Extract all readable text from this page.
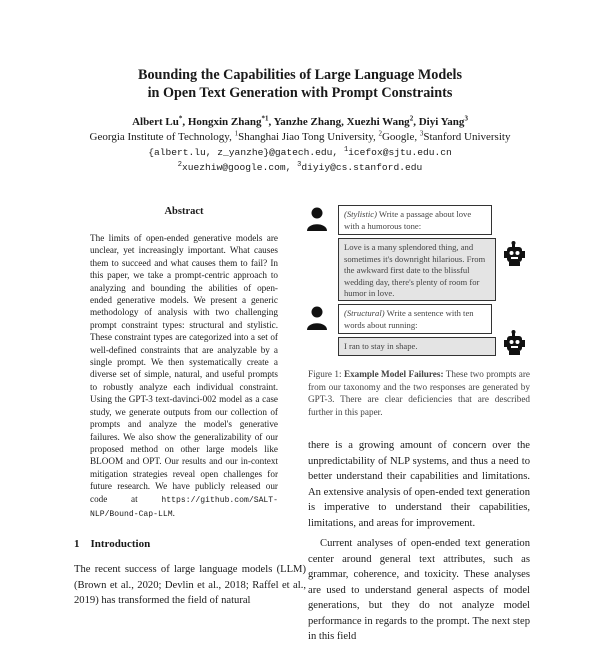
Bounding the Capabilities of Large Language Models
in Open Text Generation with Prompt Constraints
Albert Lu*, Hongxin Zhang$^{*1}$, Yanzhe Zhang, Xuezhi Wang$^2$, Diyi Yang$^3$
Georgia Institute of Technology, $^1$Shanghai Jiao Tong University, $^2$Google, $^3$Stanford University
{albert.lu, z_yanzhe}@gatech.edu, $^1$icefox@sjtu.edu.cn
$^2$xuezhiw@google.com, $^3$diyiy@cs.stanford.edu
Abstract
The limits of open-ended generative models are unclear, yet increasingly important. What causes them to succeed and what causes them to fail? In this paper, we take a prompt-centric approach to analyzing and bounding the abilities of open-ended generative models. We present a generic methodology of analysis with two challenging prompt constraint types: structural and stylistic. These constraint types are categorized into a set of well-defined constraints that are analyzable by a single prompt. We then systematically create a diverse set of simple, natural, and useful prompts to robustly analyze each individual constraint. Using the GPT-3 text-davinci-002 model as a case study, we generate outputs from our collection of prompts and analyze the model's generative failures. We also show the generalizability of our proposed method on other large models like BLOOM and OPT. Our results and our in-context mitigation strategies reveal open challenges for future research. We have publicly released our code at https://github.com/SALT-NLP/Bound-Cap-LLM.
1 Introduction
The recent success of large language models (LLM) (Brown et al., 2020; Devlin et al., 2018; Raffel et al., 2019) has transformed the field of natural
(Stylistic) Write a passage about love with a humorous tone:
Love is a many splendored thing, and sometimes it's downright hilarious. From the awkward first date to the blissful wedding day, there's plenty of room for humor in love.
(Structural) Write a sentence with ten words about running:
I ran to stay in shape.
Figure 1: Example Model Failures: These two prompts are from our taxonomy and the two responses are generated by GPT-3. There are clear deficiencies that are described further in this paper.

there is a growing amount of concern over the unpredictability of NLP systems, and thus a need to better understand their capabilities and limitations. An extensive analysis of open-ended text generation is imperative to understand their capabilities, limitations, and areas for improvement.

Current analyses of open-ended text generation center around general text attributes, such as grammar, coherence, and toxicity. These analyses are used to understand general aspects of model generations, but they do not analyze model performance in regards to the prompt. The next step in this field
